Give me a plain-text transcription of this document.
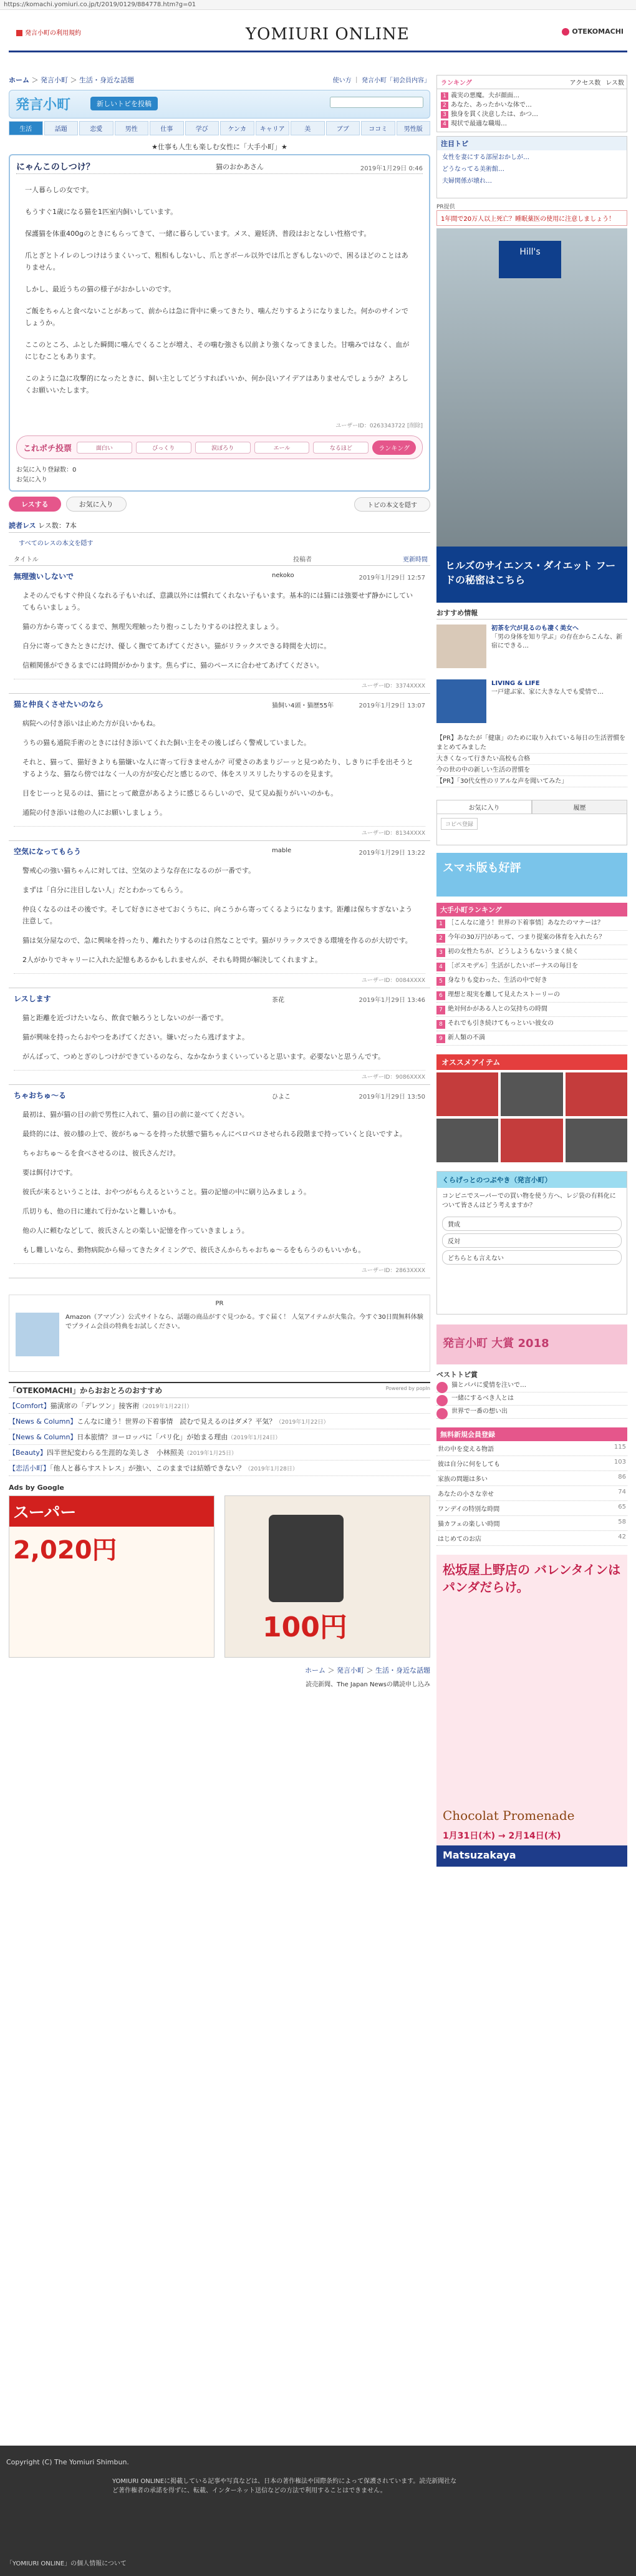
https://komachi.yomiuri.co.jp/t/2019/0129/884778.htm?g=01
発言小町の利用規約	YOMIURI ONLINE	OTEKOMACHI
ホーム ＞ 発言小町 ＞ 生活・身近な話題	使い方 ｜ 発言小町「初会員内容」
発言小町	新しいトピを投稿
生活	話題	恋愛	男性	仕事	学び	ケンカ	キャリア	美	ブブ	ココミ	男性版
★仕事も人生も楽しむ女性に「大手小町」★
にゃんこのしつけ？	猫のおかあさん	2019年1月29日 0:46

一人暮らしの女です。

もうすぐ1歳になる猫を1匹室内飼いしています。

保護猫を体重400gのときにもらってきて、一緒に暮らしています。メス、避妊済、普段はおとなしい性格です。

爪とぎとトイレのしつけはうまくいって、粗相もしないし、爪とぎボール以外では爪とぎもしないので、困るほどのことはありません。

しかし、最近うちの猫の様子がおかしいのです。

ご飯をちゃんと食べないことがあって、前からは急に背中に乗ってきたり、噛んだりするようになりました。何かのサインでしょうか。

ここのところ、ふとした瞬間に噛んでくることが増え、その噛む強さも以前より強くなってきました。甘噛みではなく、血がにじむこともあります。

このように急に攻撃的になったときに、飼い主としてどうすればいいか、何か良いアイデアはありませんでしょうか？よろしくお願いいたします。

ユーザーID：0263343722 [削除]
これポチ投票	面白い	びっくり	涙ぽろり	エール	なるほど	ランキング
お気に入り登録数：0
お気に入り
レスする	お気に入り	トピの本文を隠す
読者レス レス数：7本
すべてのレスの本文を隠す
タイトル	投稿者	更新時間
無理強いしないで	nekoko	2019年1月29日 12:57

よそのんでもすぐ仲良くなれる子もいれば、意識以外には慣れてくれない子もいます。基本的には猫には強要せず静かにしていてもらいましょう。

猫の方から寄ってくるまで、無理矢理触ったり抱っこしたりするのは控えましょう。

自分に寄ってきたときにだけ、優しく撫でてあげてください。猫がリラックスできる時間を大切に。

信頼関係ができるまでには時間がかかります。焦らずに、猫のペースに合わせてあげてください。

ユーザーID：3374XXXX
猫と仲良くさせたいのなら	猫飼い4頭・猫歴55年	2019年1月29日 13:07

病院への付き添いは止めた方が良いかもね。

うちの猫も通院手術のときには付き添いてくれた飼い主をその後しばらく警戒していました。

それと、猫って、猫好きよりも猫嫌いな人に寄って行きませんか？可愛さのあまりジーッと見つめたり、しきりに手を出そうとするような、猫なら傍ではなく一人の方が安心だと感じるので、体をスリスリしたりするのを見ます。

目をじーっと見るのは、猫にとって敵意があるように感じるらしいので、見て見ぬ振りがいいのかも。

通院の付き添いは他の人にお願いしましょう。

ユーザーID：8134XXXX
空気になってもらう	mable	2019年1月29日 13:22

警戒心の強い猫ちゃんに対しては、空気のような存在になるのが一番です。

まずは「自分に注目しない人」だとわかってもらう。

仲良くなるのはその後です。そして好きにさせておくうちに、向こうから寄ってくるようになります。距離は保ちすぎないよう注意して。

猫は気分屋なので、急に興味を持ったり、離れたりするのは自然なことです。猫がリラックスできる環境を作るのが大切です。

2人がかりでキャリーに入れた記憶もあるかもしれませんが、それも時間が解決してくれますよ。

ユーザーID：0084XXXX
レスします	茶花	2019年1月29日 13:46

猫と距離を近づけたいなら、飲食で触ろうとしないのが一番です。

猫が興味を持ったらおやつをあげてください。嫌いだったら逃げますよ。

がんばって、つめとぎのしつけができているのなら、なかなかうまくいっていると思います。必要ないと思うんです。

ユーザーID：9086XXXX
ちゃおちゅ～る	ひよこ	2019年1月29日 13:50

最初は、猫が猫の目の前で男性に入れて、猫の目の前に並べてください。

最終的には、彼の膝の上で、彼がちゅ～るを持った状態で猫ちゃんにペロペロさせられる段階まで持っていくと良いですよ。

ちゃおちゅ～るを食べさせるのは、彼氏さんだけ。

要は餌付けです。

彼氏が来るということは、おやつがもらえるということ。猫の記憶の中に刷り込みましょう。

爪切りも、他の日に連れて行かないと難しいかも。

他の人に頼むなどして、彼氏さんとの楽しい記憶を作っていきましょう。

もし難しいなら、動物病院から帰ってきたタイミングで、彼氏さんからちゃおちゅ～るをもらうのもいいかも。

ユーザーID：2863XXXX
PR
Amazon（アマゾン）公式サイトなら、話題の商品がすぐ見つかる。すぐ届く！ 人気アイテムが大集合。今すぐ30日間無料体験でプライム会員の特典をお試しください。
「OTEKOMACHI」からおおとろのおすすめ	Powered by popIn
【Comfort】猫漬席の「デレツン」接客術（2019年1月22日）
【News & Column】こんなに違う！世界の下着事情　読むで見えるのはダメ？平気？（2019年1月22日）
【News & Column】日本旅情？ヨーロッパに「パリ化」が始まる理由（2019年1月24日）
【Beauty】四半世紀変わらる生涯的な美しさ　小林照美（2019年1月25日）
【恋活小町】「他人と暮らすストレス」が強い、このままでは結婚できない？（2019年1月28日）
Ads by Google
スーパー
2,020円
100円
ホーム ＞ 発言小町 ＞ 生活・身近な話題
読売新聞、The Japan Newsの購読申し込み
ランキング	アクセス数 レス数
1 義実の悪魔。夫が顔面…
2 あなた、あったかいな体で…
3 独身を貫く決意したは、かつ…
4 現状で最適な職場…
注目トピ
女性を妻にする部屋おかしが…
どうなってる美術館…
夫婦関係が壊れ…
PR提供
1年間で20万人以上死亡？睡眠薬医の使用に注意しましょう！
Hill's
ヒルズのサイエンス・ダイエット フードの秘密はこちら
おすすめ情報
初茶を穴が見るのも凄く美女へ
「男の身体を知り学ぶ」の存在からこんな、新宿にできる…
LIVING & LIFE
一戸建ぶ家、家に大きな人でも愛情で…
【PR】あなたが「健康」のために取り入れている毎日の生活習慣をまとめてみました
大きくなって行きたい高校も合格
今の世の中の新しい生活の習慣を
【PR】「30代女性のリアルな声を聞いてみた」
お気に入り	履歴
コピペ登録
スマホ版も好評
大手小町ランキング
1 ［こんなに違う！世界の下着事情］あなたのマナーは？
2 今年の30万円があって、つまり提案の体育を入れたら？
3 初の女性たちが、どうしようもないうまく続く
4 ［ボスモデル］生活がしたいボーナスの毎日を
5 身なりも変わった、生活の中で好き
6 理想と現実を離して見えたストーリーの
7 絶対何かがある人との気持ちの時間
8 それでも引き続けてもっといい彼女の
9 新人類の不満
オススメアイテム
くらげっとのつぶやき（発言小町）
コンビニでスーパーでの買い物を使う方へ、レジ袋の有料化について皆さんはどう考えますか？
賛成
反対
どちらとも言えない
発言小町 大賞 2018
ベストトピ賞
猫とパパに愛情を注いで…
一緒にするべき人とは
世界で一番の想い出
無料新規会員登録
世の中を変える物語	115
彼は自分に何をしても	103
家族の問題は多い	86
あなたの小さな幸せ	74
ワンデイの特別な時間	65
猫カフェの楽しい時間	58
はじめてのお店	42
松坂屋上野店の バレンタインは パンダだらけ。
Chocolat Promenade
1月31日(木) → 2月14日(木)
Matsuzakaya
Copyright (C) The Yomiuri Shimbun.
YOMIURI ONLINEに掲載している記事や写真などは、日本の著作権法や国際条約によって保護されています。読売新聞社など著作権者の承諾を得ずに、転載、インターネット送信などの方法で利用することはできません。
「YOMIURI ONLINE」の個人情報について
